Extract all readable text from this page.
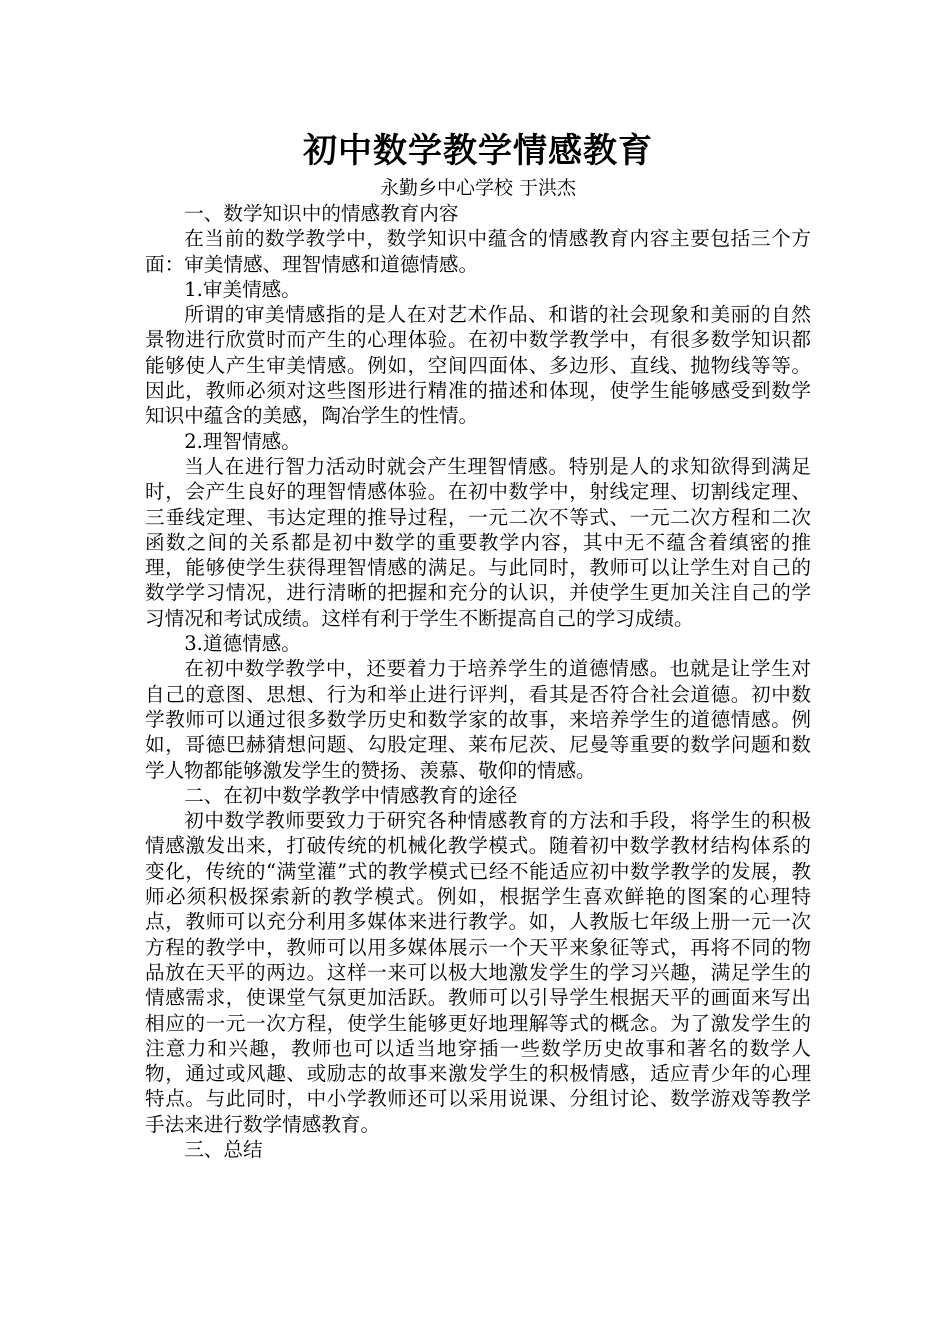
初中数学教学情感教育

永勤乡中心学校 于洪杰

一、数学知识中的情感教育内容

在当前的数学教学中，数学知识中蕴含的情感教育内容主要包括三个方面：审美情感、理智情感和道德情感。

1.审美情感。

所谓的审美情感指的是人在对艺术作品、和谐的社会现象和美丽的自然景物进行欣赏时而产生的心理体验。在初中数学教学中，有很多数学知识都能够使人产生审美情感。例如，空间四面体、多边形、直线、抛物线等等。因此，教师必须对这些图形进行精准的描述和体现，使学生能够感受到数学知识中蕴含的美感，陶冶学生的性情。

2.理智情感。

当人在进行智力活动时就会产生理智情感。特别是人的求知欲得到满足时，会产生良好的理智情感体验。在初中数学中，射线定理、切割线定理、三垂线定理、韦达定理的推导过程，一元二次不等式、一元二次方程和二次函数之间的关系都是初中数学的重要教学内容，其中无不蕴含着缜密的推理，能够使学生获得理智情感的满足。与此同时，教师可以让学生对自己的数学学习情况，进行清晰的把握和充分的认识，并使学生更加关注自己的学习情况和考试成绩。这样有利于学生不断提高自己的学习成绩。

3.道德情感。

在初中数学教学中，还要着力于培养学生的道德情感。也就是让学生对自己的意图、思想、行为和举止进行评判，看其是否符合社会道德。初中数学教师可以通过很多数学历史和数学家的故事，来培养学生的道德情感。例如，哥德巴赫猜想问题、勾股定理、莱布尼茨、尼曼等重要的数学问题和数学人物都能够激发学生的赞扬、羡慕、敬仰的情感。

二、在初中数学教学中情感教育的途径

初中数学教师要致力于研究各种情感教育的方法和手段，将学生的积极情感激发出来，打破传统的机械化教学模式。随着初中数学教材结构体系的变化，传统的“满堂灌”式的教学模式已经不能适应初中数学教学的发展，教师必须积极探索新的教学模式。例如，根据学生喜欢鲜艳的图案的心理特点，教师可以充分利用多媒体来进行教学。如，人教版七年级上册一元一次方程的教学中，教师可以用多媒体展示一个天平来象征等式，再将不同的物品放在天平的两边。这样一来可以极大地激发学生的学习兴趣，满足学生的情感需求，使课堂气氛更加活跃。教师可以引导学生根据天平的画面来写出相应的一元一次方程，使学生能够更好地理解等式的概念。为了激发学生的注意力和兴趣，教师也可以适当地穿插一些数学历史故事和著名的数学人物，通过或风趣、或励志的故事来激发学生的积极情感，适应青少年的心理特点。与此同时，中小学教师还可以采用说课、分组讨论、数学游戏等教学手法来进行数学情感教育。

三、总结
